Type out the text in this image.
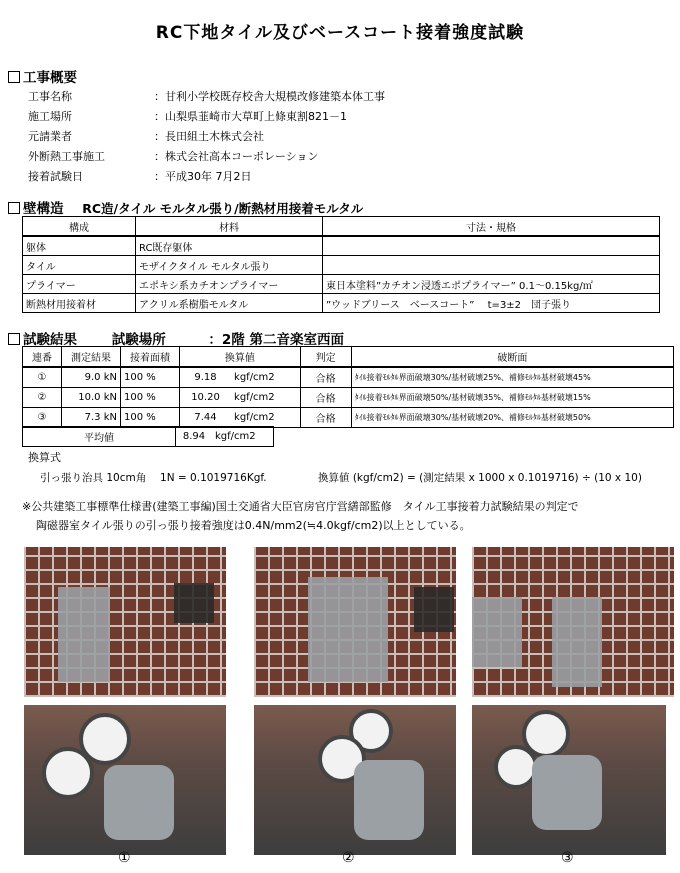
RC下地タイル及びベースコート接着強度試験
工事概要
工事名称	：甘利小学校既存校舎大規模改修建築本体工事
施工場所	：山梨県韮崎市大草町上條東割821－1
元請業者	：長田組土木株式会社
外断熱工事施工	：株式会社高本コーポレーション
接着試験日	：平成30年 7月2日
壁構造 RC造/タイル モルタル張り/断熱材用接着モルタル
構成	材料	寸法・規格
躯体	RC既存躯体	
タイル	モザイクタイル モルタル張り	
プライマー	エポキシ系カチオンプライマー	東日本塗料”カチオン浸透エポプライマー” 0.1～0.15kg/㎡
断熱材用接着材	アクリル系樹脂モルタル	”ウッドブリース　ベースコート”　 t=3±2　団子張り
試験結果	試験場所	：2階 第二音楽室西面
連番	測定結果	接着面積	換算値		判定	破断面
①	9.0 kN	100 %	9.18	kgf/cm2	合格	ﾀｲﾙ接着ﾓﾙﾀﾙ界面破壊30%/基材破壊25%、補修ﾓﾙﾀﾙ基材破壊45%
②	10.0 kN	100 %	10.20	kgf/cm2	合格	ﾀｲﾙ接着ﾓﾙﾀﾙ界面破壊50%/基材破壊35%、補修ﾓﾙﾀﾙ基材破壊15%
③	7.3 kN	100 %	7.44	kgf/cm2	合格	ﾀｲﾙ接着ﾓﾙﾀﾙ界面破壊30%/基材破壊20%、補修ﾓﾙﾀﾙ基材破壊50%
平均値	8.94	kgf/cm2
換算式
引っ張り治具 10cm角　 1N = 0.1019716Kgf.	換算値 (kgf/cm2) = (測定結果 x 1000 x 0.1019716) ÷ (10 x 10)
※公共建築工事標準仕様書(建築工事編)国土交通省大臣官房官庁営繕部監修　タイル工事接着力試験結果の判定で
陶磁器室タイル張りの引っ張り接着強度は0.4N/mm2(≒4.0kgf/cm2)以上としている。
①	②	③
